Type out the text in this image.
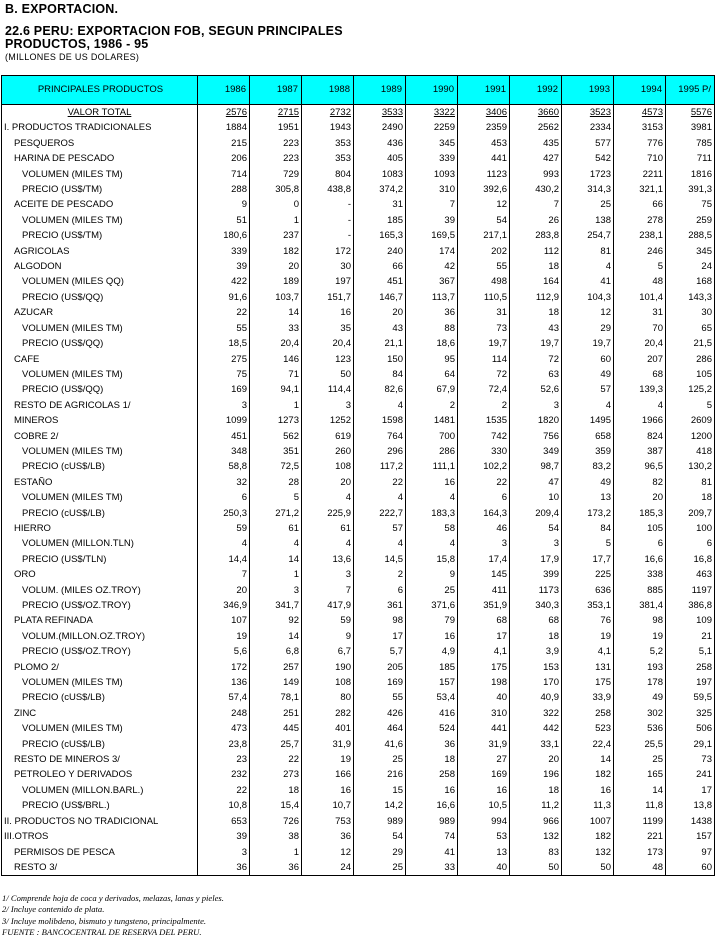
B. EXPORTACION.
22.6 PERU: EXPORTACION FOB, SEGUN PRINCIPALES
PRODUCTOS, 1986 - 95
(MILLONES DE US DOLARES)
PRINCIPALES PRODUCTOS	1986	1987	1988	1989	1990	1991	1992	1993	1994	1995 P/
VALOR TOTAL	2576	2715	2732	3533	3322	3406	3660	3523	4573	5576
I. PRODUCTOS TRADICIONALES	1884	1951	1943	2490	2259	2359	2562	2334	3153	3981
PESQUEROS	215	223	353	436	345	453	435	577	776	785
HARINA DE PESCADO	206	223	353	405	339	441	427	542	710	711
VOLUMEN (MILES TM)	714	729	804	1083	1093	1123	993	1723	2211	1816
PRECIO (US$/TM)	288	305,8	438,8	374,2	310	392,6	430,2	314,3	321,1	391,3
ACEITE DE PESCADO	9	0	-	31	7	12	7	25	66	75
VOLUMEN (MILES TM)	51	1	-	185	39	54	26	138	278	259
PRECIO (US$/TM)	180,6	237	-	165,3	169,5	217,1	283,8	254,7	238,1	288,5
AGRICOLAS	339	182	172	240	174	202	112	81	246	345
ALGODON	39	20	30	66	42	55	18	4	5	24
VOLUMEN (MILES QQ)	422	189	197	451	367	498	164	41	48	168
PRECIO (US$/QQ)	91,6	103,7	151,7	146,7	113,7	110,5	112,9	104,3	101,4	143,3
AZUCAR	22	14	16	20	36	31	18	12	31	30
VOLUMEN (MILES TM)	55	33	35	43	88	73	43	29	70	65
PRECIO (US$/QQ)	18,5	20,4	20,4	21,1	18,6	19,7	19,7	19,7	20,4	21,5
CAFE	275	146	123	150	95	114	72	60	207	286
VOLUMEN (MILES TM)	75	71	50	84	64	72	63	49	68	105
PRECIO (US$/QQ)	169	94,1	114,4	82,6	67,9	72,4	52,6	57	139,3	125,2
RESTO DE AGRICOLAS 1/	3	1	3	4	2	2	3	4	4	5
MINEROS	1099	1273	1252	1598	1481	1535	1820	1495	1966	2609
COBRE 2/	451	562	619	764	700	742	756	658	824	1200
VOLUMEN (MILES TM)	348	351	260	296	286	330	349	359	387	418
PRECIO (cUS$/LB)	58,8	72,5	108	117,2	111,1	102,2	98,7	83,2	96,5	130,2
ESTAÑO	32	28	20	22	16	22	47	49	82	81
VOLUMEN (MILES TM)	6	5	4	4	4	6	10	13	20	18
PRECIO (cUS$/LB)	250,3	271,2	225,9	222,7	183,3	164,3	209,4	173,2	185,3	209,7
HIERRO	59	61	61	57	58	46	54	84	105	100
VOLUMEN (MILLON.TLN)	4	4	4	4	4	3	3	5	6	6
PRECIO (US$/TLN)	14,4	14	13,6	14,5	15,8	17,4	17,9	17,7	16,6	16,8
ORO	7	1	3	2	9	145	399	225	338	463
VOLUM. (MILES OZ.TROY)	20	3	7	6	25	411	1173	636	885	1197
PRECIO (US$/OZ.TROY)	346,9	341,7	417,9	361	371,6	351,9	340,3	353,1	381,4	386,8
PLATA REFINADA	107	92	59	98	79	68	68	76	98	109
VOLUM.(MILLON.OZ.TROY)	19	14	9	17	16	17	18	19	19	21
PRECIO (US$/OZ.TROY)	5,6	6,8	6,7	5,7	4,9	4,1	3,9	4,1	5,2	5,1
PLOMO 2/	172	257	190	205	185	175	153	131	193	258
VOLUMEN (MILES TM)	136	149	108	169	157	198	170	175	178	197
PRECIO (cUS$/LB)	57,4	78,1	80	55	53,4	40	40,9	33,9	49	59,5
ZINC	248	251	282	426	416	310	322	258	302	325
VOLUMEN (MILES TM)	473	445	401	464	524	441	442	523	536	506
PRECIO (cUS$/LB)	23,8	25,7	31,9	41,6	36	31,9	33,1	22,4	25,5	29,1
RESTO DE MINEROS 3/	23	22	19	25	18	27	20	14	25	73
PETROLEO Y DERIVADOS	232	273	166	216	258	169	196	182	165	241
VOLUMEN (MILLON.BARL.)	22	18	16	15	16	16	18	16	14	17
PRECIO (US$/BRL.)	10,8	15,4	10,7	14,2	16,6	10,5	11,2	11,3	11,8	13,8
II. PRODUCTOS NO TRADICIONAL	653	726	753	989	989	994	966	1007	1199	1438
III.OTROS	39	38	36	54	74	53	132	182	221	157
PERMISOS DE PESCA	3	1	12	29	41	13	83	132	173	97
RESTO 3/	36	36	24	25	33	40	50	50	48	60
1/ Comprende hoja de coca y derivados, melazas, lanas y pieles.
2/ Incluye contenido de plata.
3/ Incluye molibdeno, bismuto y tungsteno, principalmente.
FUENTE : BANCOCENTRAL DE RESERVA DEL PERU.
